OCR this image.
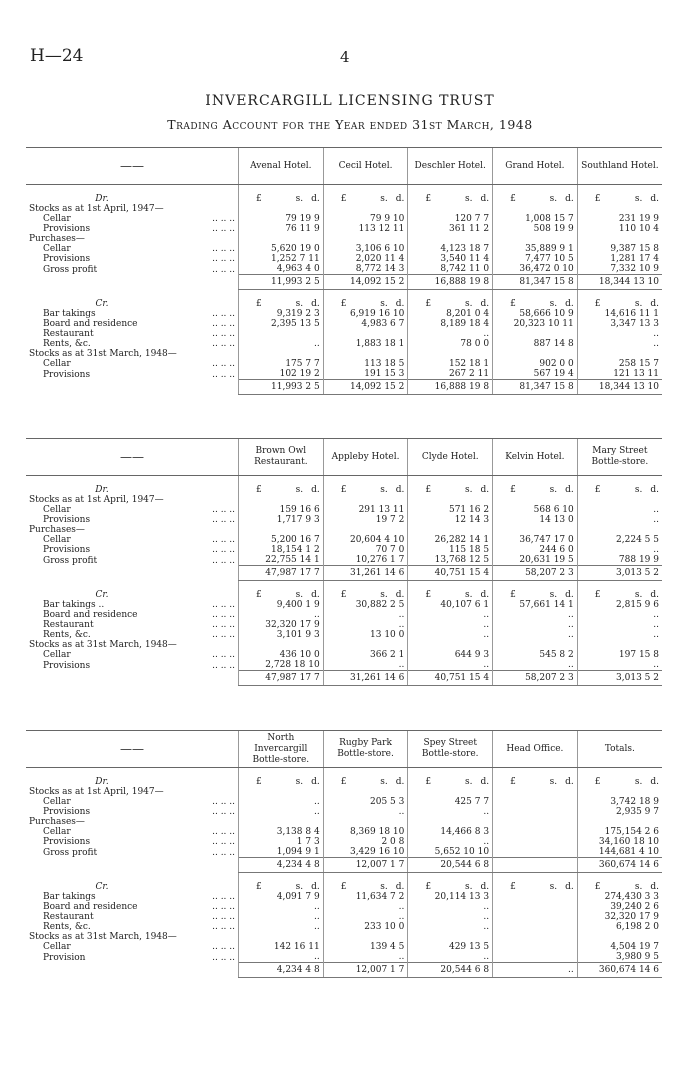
H—24	4
INVERCARGILL LICENSING TRUST
Trading Account for the Year ended 31st March, 1948
——	Avenal Hotel.	Cecil Hotel.	Deschler Hotel.	Grand Hotel.	Southland Hotel.

Dr.	£ s. d.	£ s. d.	£ s. d.	£ s. d.	£ s. d.
Stocks as at 1st April, 1947—					
Cellar .. .. ..	79 19 9	79 9 10	120 7 7	1,008 15 7	231 19 9
Provisions .. .. ..	76 11 9	113 12 11	361 11 2	508 19 9	110 10 4
Purchases—					
Cellar .. .. ..	5,620 19 0	3,106 6 10	4,123 18 7	35,889 9 1	9,387 15 8
Provisions .. .. ..	1,252 7 11	2,020 11 4	3,540 11 4	7,477 10 5	1,281 17 4
Gross profit .. .. ..	4,963 4 0	8,772 14 3	8,742 11 0	36,472 0 10	7,332 10 9
	11,993 2 5	14,092 15 2	16,888 19 8	81,347 15 8	18,344 13 10

Cr.	£ s. d.	£ s. d.	£ s. d.	£ s. d.	£ s. d.
Bar takings .. .. ..	9,319 2 3	6,919 16 10	8,201 0 4	58,666 10 9	14,616 11 1
Board and residence .. .. ..	2,395 13 5	4,983 6 7	8,189 18 4	20,323 10 11	3,347 13 3
Restaurant .. .. ..			..		..
Rents, &c. .. .. ..	..	1,883 18 1	78 0 0	887 14 8	..
Stocks as at 31st March, 1948—					
Cellar .. .. ..	175 7 7	113 18 5	152 18 1	902 0 0	258 15 7
Provisions .. .. ..	102 19 2	191 15 3	267 2 11	567 19 4	121 13 11
	11,993 2 5	14,092 15 2	16,888 19 8	81,347 15 8	18,344 13 10
——	Brown Owl Restaurant.	Appleby Hotel.	Clyde Hotel.	Kelvin Hotel.	Mary Street Bottle-store.

Dr.	£ s. d.	£ s. d.	£ s. d.	£ s. d.	£ s. d.
Stocks as at 1st April, 1947—					
Cellar .. .. ..	159 16 6	291 13 11	571 16 2	568 6 10	..
Provisions .. .. ..	1,717 9 3	19 7 2	12 14 3	14 13 0	..
Purchases—					
Cellar .. .. ..	5,200 16 7	20,604 4 10	26,282 14 1	36,747 17 0	2,224 5 5
Provisions .. .. ..	18,154 1 2	70 7 0	115 18 5	244 6 0	..
Gross profit .. .. ..	22,755 14 1	10,276 1 7	13,768 12 5	20,631 19 5	788 19 9
	47,987 17 7	31,261 14 6	40,751 15 4	58,207 2 3	3,013 5 2

Cr.	£ s. d.	£ s. d.	£ s. d.	£ s. d.	£ s. d.
Bar takings .. .. .. ..	9,400 1 9	30,882 2 5	40,107 6 1	57,661 14 1	2,815 9 6
Board and residence .. .. ..	..	..	..	..	..
Restaurant .. .. ..	32,320 17 9	..	..	..	..
Rents, &c. .. .. ..	3,101 9 3	13 10 0	..	..	..
Stocks as at 31st March, 1948—					
Cellar .. .. ..	436 10 0	366 2 1	644 9 3	545 8 2	197 15 8
Provisions .. .. ..	2,728 18 10	..	..	..	..
	47,987 17 7	31,261 14 6	40,751 15 4	58,207 2 3	3,013 5 2
——	North Invercargill Bottle-store.	Rugby Park Bottle-store.	Spey Street Bottle-store.	Head Office.	Totals.

Dr.	£ s. d.	£ s. d.	£ s. d.	£ s. d.	£ s. d.
Stocks as at 1st April, 1947—					
Cellar .. .. ..	..	205 5 3	425 7 7		3,742 18 9
Provisions .. .. ..	..	..	..		2,935 9 7
Purchases—					
Cellar .. .. ..	3,138 8 4	8,369 18 10	14,466 8 3		175,154 2 6
Provisions .. .. ..	1 7 3	2 0 8	..		34,160 18 10
Gross profit .. .. ..	1,094 9 1	3,429 16 10	5,652 10 10		144,681 4 10
	4,234 4 8	12,007 1 7	20,544 6 8		360,674 14 6

Cr.	£ s. d.	£ s. d.	£ s. d.	£ s. d.	£ s. d.
Bar takings .. .. ..	4,091 7 9	11,634 7 2	20,114 13 3		274,430 3 3
Board and residence .. .. ..	..	..	..		39,240 2 6
Restaurant .. .. ..	..	..	..		32,320 17 9
Rents, &c. .. .. ..	..	233 10 0	..		6,198 2 0
Stocks as at 31st March, 1948—					
Cellar .. .. ..	142 16 11	139 4 5	429 13 5		4,504 19 7
Provision .. .. ..	..	..	..		3,980 9 5
	4,234 4 8	12,007 1 7	20,544 6 8	..	360,674 14 6
